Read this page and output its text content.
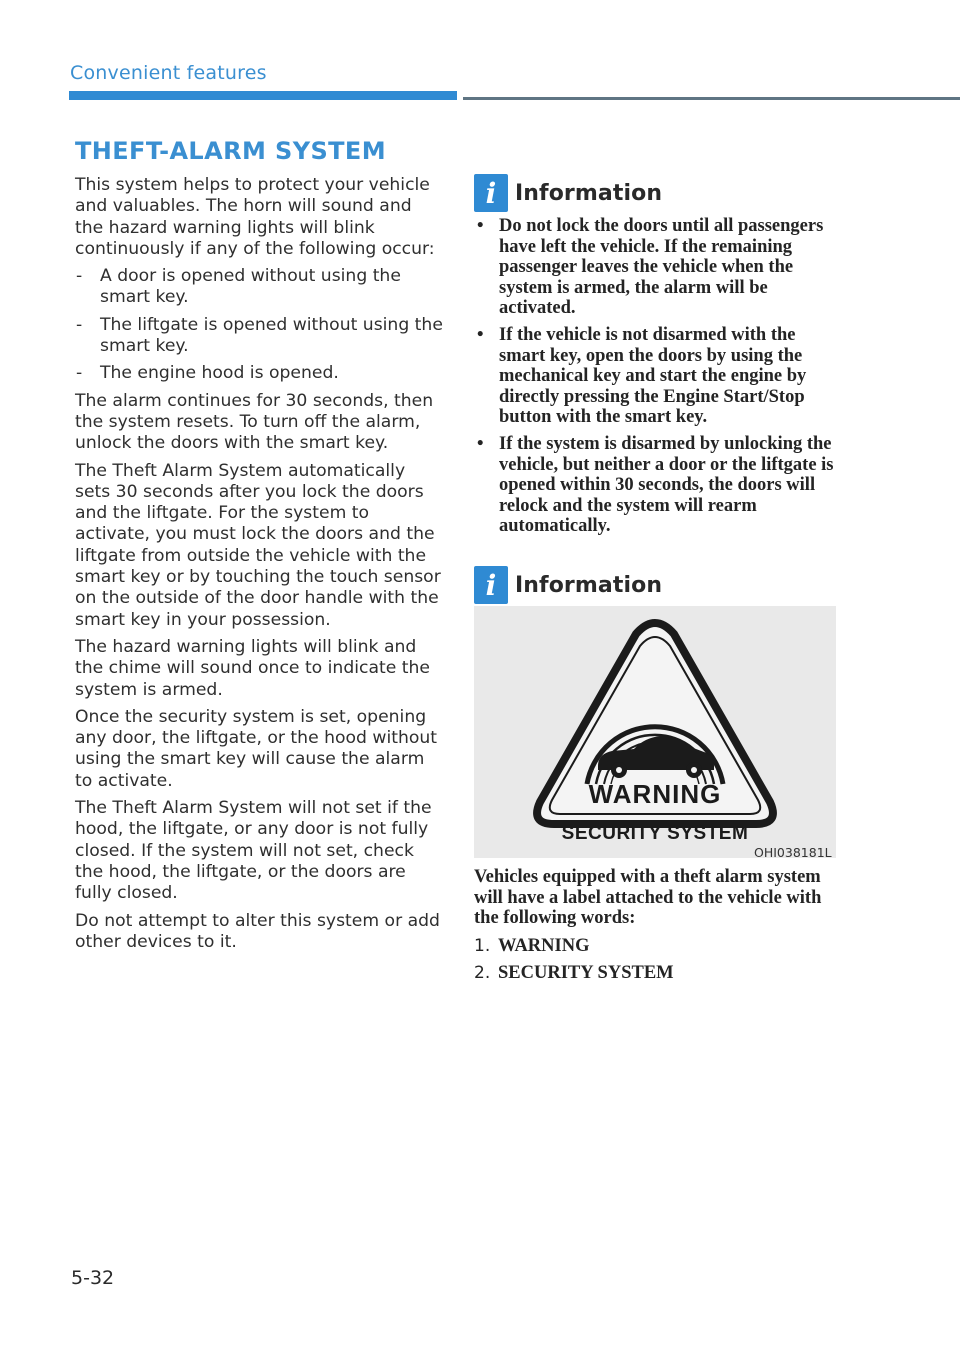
Convenient features
THEFT-ALARM SYSTEM

This system helps to protect your vehicle and valuables. The horn will sound and the hazard warning lights will blink continuously if any of the following occur:

- A door is opened without using the smart key.
- The liftgate is opened without using the smart key.
- The engine hood is opened.

The alarm continues for 30 seconds, then the system resets. To turn off the alarm, unlock the doors with the smart key.

The Theft Alarm System automatically sets 30 seconds after you lock the doors and the liftgate. For the system to activate, you must lock the doors and the liftgate from outside the vehicle with the smart key or by touching the touch sensor on the outside of the door handle with the smart key in your possession.

The hazard warning lights will blink and the chime will sound once to indicate the system is armed.

Once the security system is set, opening any door, the liftgate, or the hood without using the smart key will cause the alarm to activate.

The Theft Alarm System will not set if the hood, the liftgate, or any door is not fully closed. If the system will not set, check the hood, the liftgate, or the doors are fully closed.

Do not attempt to alter this system or add other devices to it.

i Information
• Do not lock the doors until all passengers have left the vehicle. If the remaining passenger leaves the vehicle when the system is armed, the alarm will be activated.
• If the vehicle is not disarmed with the smart key, open the doors by using the mechanical key and start the engine by directly pressing the Engine Start/Stop button with the smart key.
• If the system is disarmed by unlocking the vehicle, but neither a door or the liftgate is opened within 30 seconds, the doors will relock and the system will rearm automatically.
i Information
WARNING
SECURITY SYSTEM
OHI038181L
Vehicles equipped with a theft alarm system will have a label attached to the vehicle with the following words:
1. WARNING
2. SECURITY SYSTEM
5-32
